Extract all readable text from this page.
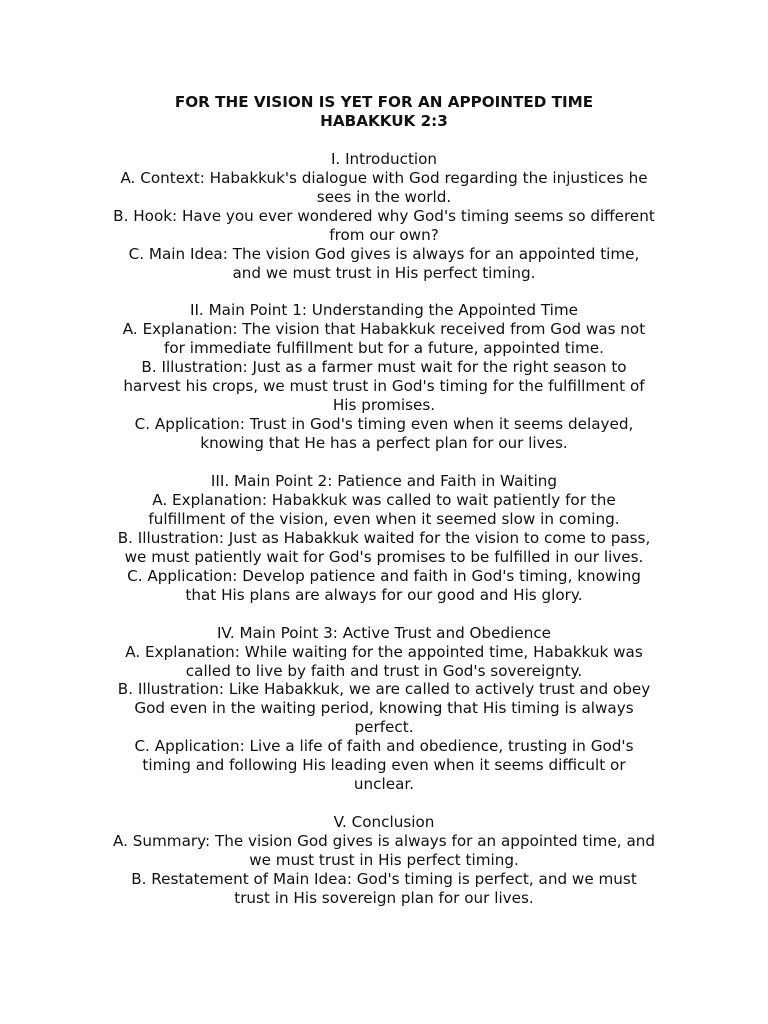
FOR THE VISION IS YET FOR AN APPOINTED TIME

HABAKKUK 2:3

I. Introduction

A. Context: Habakkuk's dialogue with God regarding the injustices he sees in the world.

B. Hook: Have you ever wondered why God's timing seems so different from our own?

C. Main Idea: The vision God gives is always for an appointed time, and we must trust in His perfect timing.

II. Main Point 1: Understanding the Appointed Time

A. Explanation: The vision that Habakkuk received from God was not for immediate fulfillment but for a future, appointed time.

B. Illustration: Just as a farmer must wait for the right season to harvest his crops, we must trust in God's timing for the fulfillment of His promises.

C. Application: Trust in God's timing even when it seems delayed, knowing that He has a perfect plan for our lives.

III. Main Point 2: Patience and Faith in Waiting

A. Explanation: Habakkuk was called to wait patiently for the fulfillment of the vision, even when it seemed slow in coming.

B. Illustration: Just as Habakkuk waited for the vision to come to pass, we must patiently wait for God's promises to be fulfilled in our lives.

C. Application: Develop patience and faith in God's timing, knowing that His plans are always for our good and His glory.

IV. Main Point 3: Active Trust and Obedience

A. Explanation: While waiting for the appointed time, Habakkuk was called to live by faith and trust in God's sovereignty.

B. Illustration: Like Habakkuk, we are called to actively trust and obey God even in the waiting period, knowing that His timing is always perfect.

C. Application: Live a life of faith and obedience, trusting in God's timing and following His leading even when it seems difficult or unclear.

V. Conclusion

A. Summary: The vision God gives is always for an appointed time, and we must trust in His perfect timing.

B. Restatement of Main Idea: God's timing is perfect, and we must trust in His sovereign plan for our lives.
